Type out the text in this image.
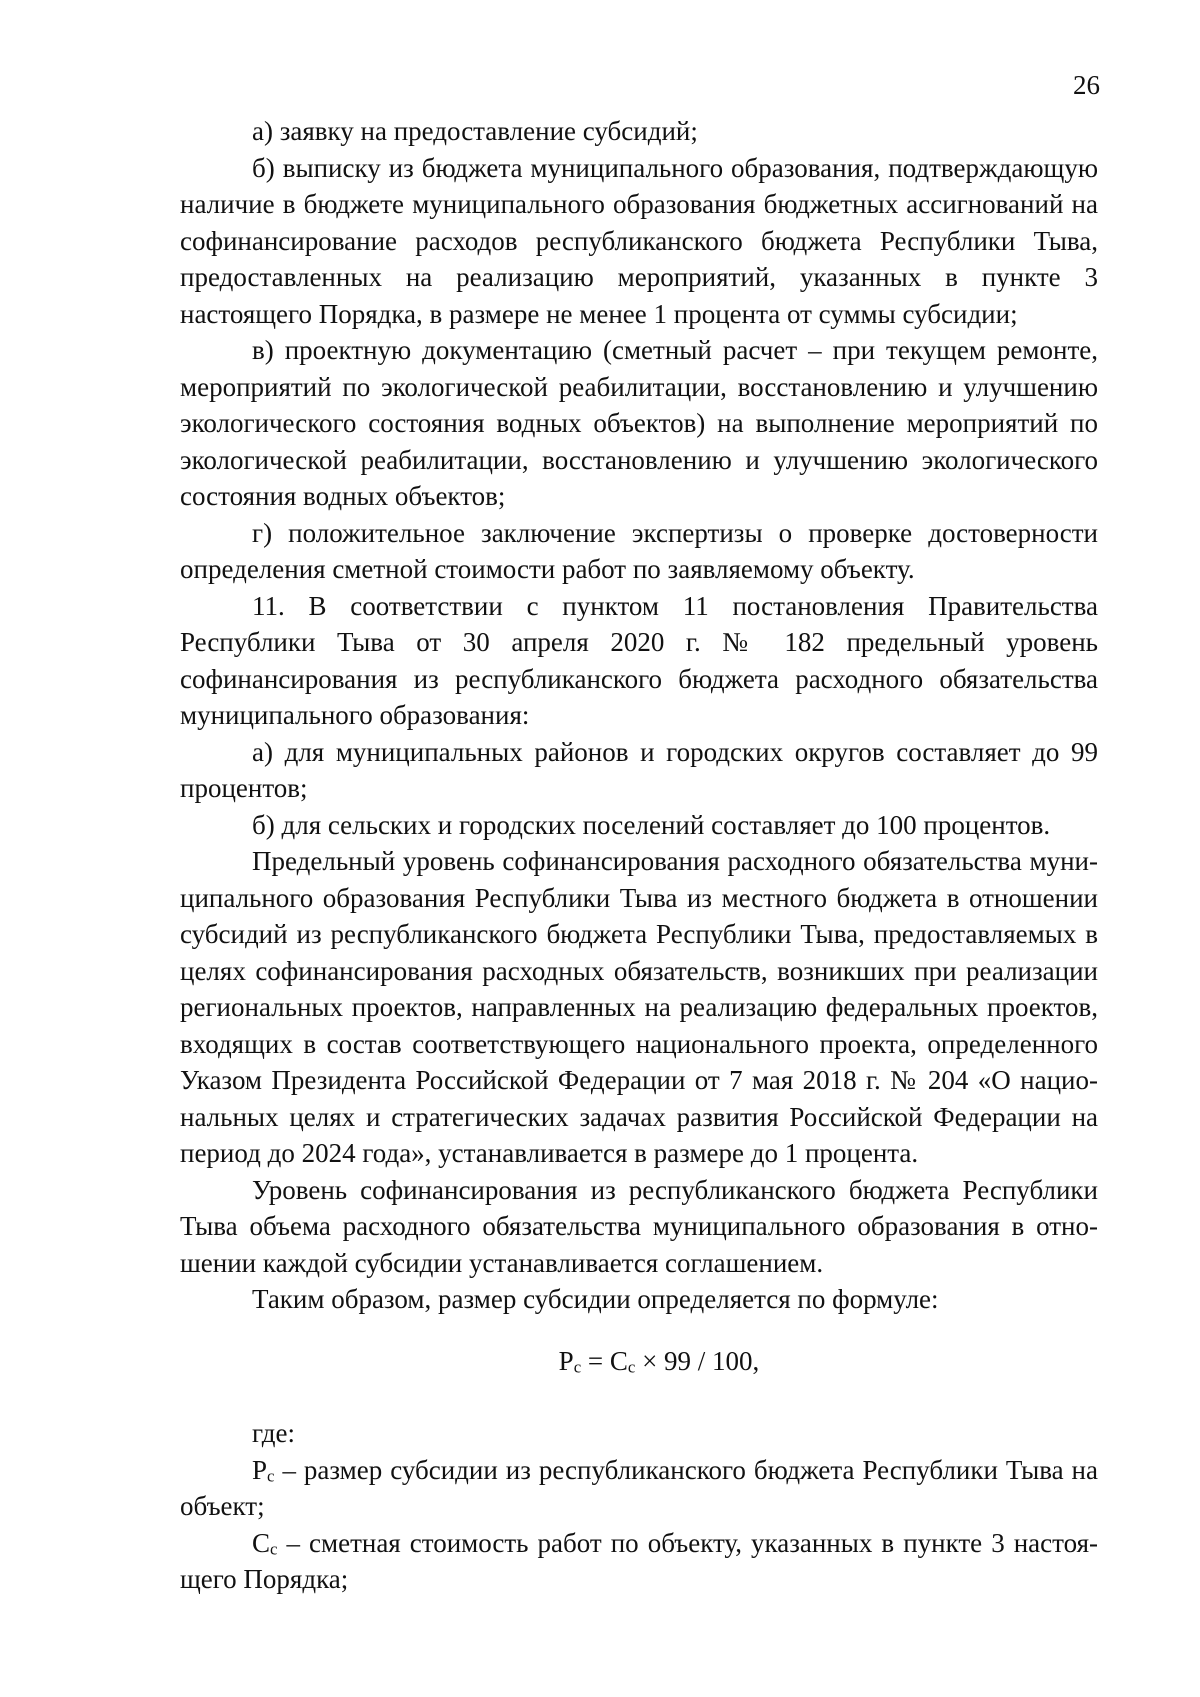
26

а) заявку на предоставление субсидий;

б) выписку из бюджета муниципального образования, подтверждающую наличие в бюджете муниципального образования бюджетных ассигнований на софинансирование расходов республиканского бюджета Республики Тыва, предоставленных на реализацию мероприятий, указанных в пункте 3 настоящего Порядка, в размере не менее 1 процента от суммы субсидии;

в) проектную документацию (сметный расчет – при текущем ремонте, мероприятий по экологической реабилитации, восстановлению и улучшению экологического состояния водных объектов) на выполнение мероприятий по экологической реабилитации, восстановлению и улучшению экологического состояния водных объектов;

г) положительное заключение экспертизы о проверке достоверности определения сметной стоимости работ по заявляемому объекту.

11. В соответствии с пунктом 11 постановления Правительства Республики Тыва от 30 апреля 2020 г. № 182 предельный уровень софинансирования из республиканского бюджета расходного обязательства муниципального образования:

а) для муниципальных районов и городских округов составляет до 99 процентов;

б) для сельских и городских поселений составляет до 100 процентов.

Предельный уровень софинансирования расходного обязательства муниципального образования Республики Тыва из местного бюджета в отношении субсидий из республиканского бюджета Республики Тыва, предоставляемых в целях софинансирования расходных обязательств, возникших при реализации региональных проектов, направленных на реализацию федеральных проектов, входящих в состав соответствующего национального проекта, определенного Указом Президента Российской Федерации от 7 мая 2018 г. № 204 «О национальных целях и стратегических задачах развития Российской Федерации на период до 2024 года», устанавливается в размере до 1 процента.

Уровень софинансирования из республиканского бюджета Республики Тыва объема расходного обязательства муниципального образования в отношении каждой субсидии устанавливается соглашением.

Таким образом, размер субсидии определяется по формуле:

$P_c = C_c \times 99 / 100$,

где:

$P_c$ – размер субсидии из республиканского бюджета Республики Тыва на объект;

$C_c$ – сметная стоимость работ по объекту, указанных в пункте 3 настоящего Порядка;
